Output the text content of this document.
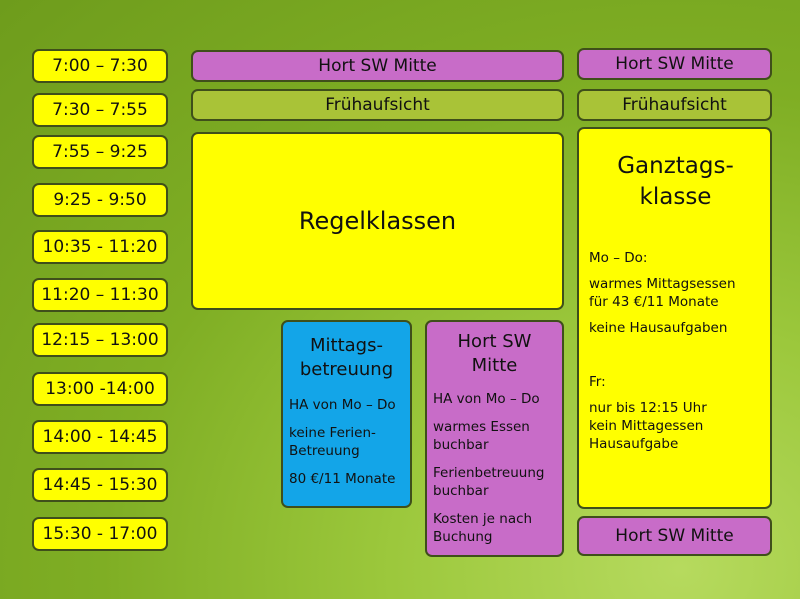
7:00 – 7:30
7:30 – 7:55
7:55 – 9:25
9:25 - 9:50
10:35 - 11:20
11:20 – 11:30
12:15 – 13:00
13:00 -14:00
14:00 - 14:45
14:45 - 15:30
15:30 - 17:00
Hort SW Mitte
Frühaufsicht
Regelklassen

Mittags-
betreuung

HA von Mo – Do

keine Ferien-
Betreuung

80 €/11 Monate

Hort SW
Mitte

HA von Mo – Do

warmes Essen
buchbar

Ferienbetreuung
buchbar

Kosten je nach
Buchung

Hort SW Mitte
Frühaufsicht

Ganztags-
klasse

Mo – Do:

warmes Mittagsessen
für 43 €/11 Monate

keine Hausaufgaben

Fr:

nur bis 12:15 Uhr
kein Mittagessen
Hausaufgabe

Hort SW Mitte
